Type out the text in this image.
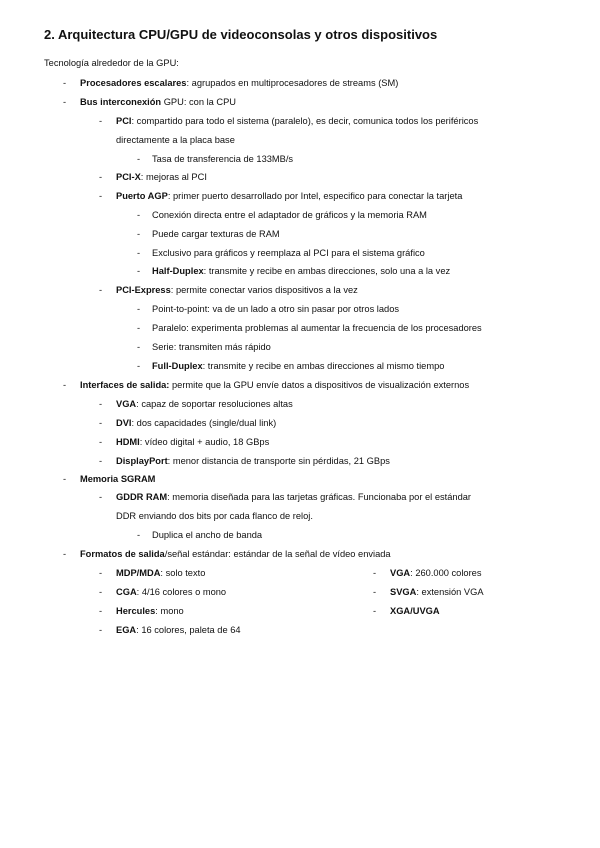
2. Arquitectura CPU/GPU de videoconsolas y otros dispositivos
Tecnología alrededor de la GPU:
- Procesadores escalares: agrupados en multiprocesadores de streams (SM)
- Bus interconexión GPU: con la CPU
- PCI: compartido para todo el sistema (paralelo), es decir, comunica todos los periféricos
directamente a la placa base
- Tasa de transferencia de 133MB/s
- PCI-X: mejoras al PCI
- Puerto AGP: primer puerto desarrollado por Intel, especifico para conectar la tarjeta
- Conexión directa entre el adaptador de gráficos y la memoria RAM
- Puede cargar texturas de RAM
- Exclusivo para gráficos y reemplaza al PCI para el sistema gráfico
- Half-Duplex: transmite y recibe en ambas direcciones, solo una a la vez
- PCI-Express: permite conectar varios dispositivos a la vez
- Point-to-point: va de un lado a otro sin pasar por otros lados
- Paralelo: experimenta problemas al aumentar la frecuencia de los procesadores
- Serie: transmiten más rápido
- Full-Duplex: transmite y recibe en ambas direcciones al mismo tiempo
- Interfaces de salida: permite que la GPU envíe datos a dispositivos de visualización externos
- VGA: capaz de soportar resoluciones altas
- DVI: dos capacidades (single/dual link)
- HDMI: vídeo digital + audio, 18 GBps
- DisplayPort: menor distancia de transporte sin pérdidas, 21 GBps
- Memoria SGRAM
- GDDR RAM: memoria diseñada para las tarjetas gráficas. Funcionaba por el estándar
DDR enviando dos bits por cada flanco de reloj.
- Duplica el ancho de banda
- Formatos de salida/señal estándar: estándar de la señal de vídeo enviada
- MDP/MDA: solo texto
- CGA: 4/16 colores o mono
- Hercules: mono
- EGA: 16 colores, paleta de 64
- VGA: 260.000 colores
- SVGA: extensión VGA
- XGA/UVGA
